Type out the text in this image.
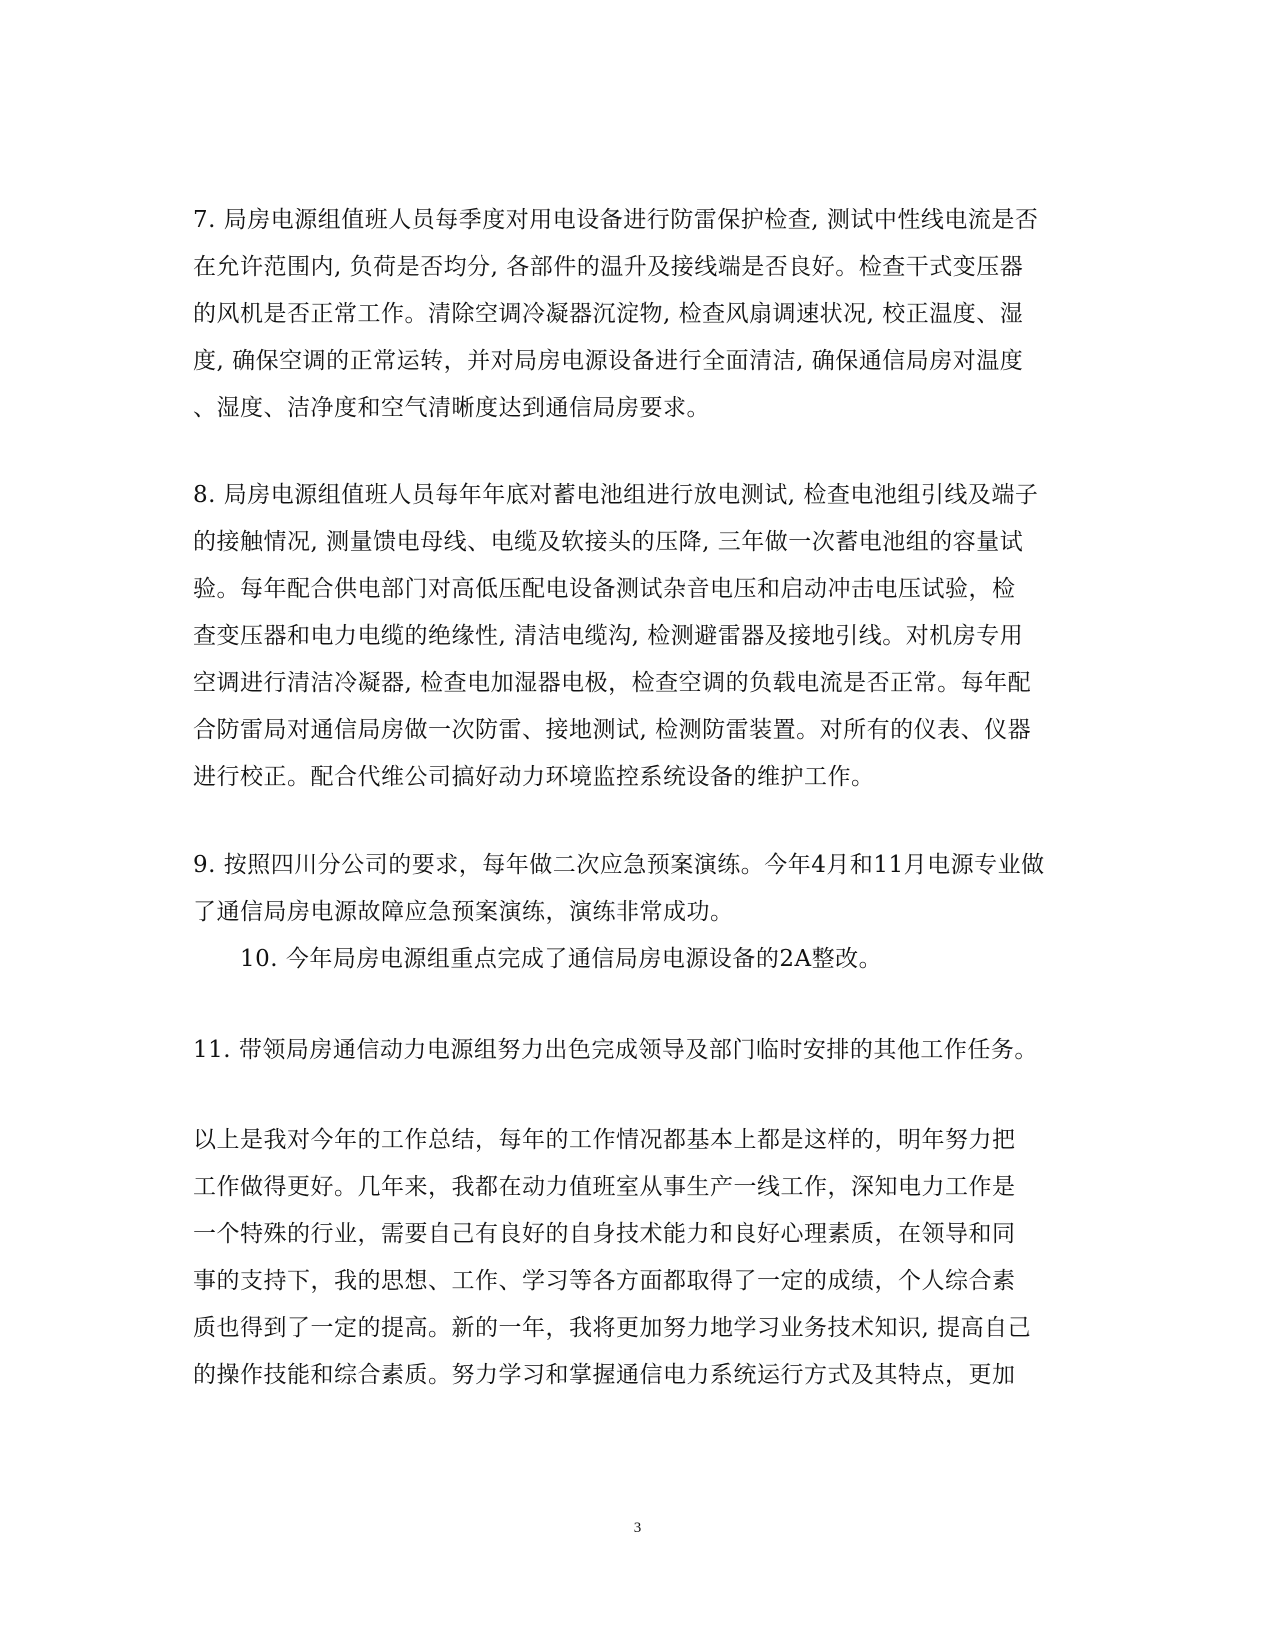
7. 局房电源组值班人员每季度对用电设备进行防雷保护检查, 测试中性线电流是否
在允许范围内, 负荷是否均分, 各部件的温升及接线端是否良好。检查干式变压器
的风机是否正常工作。清除空调冷凝器沉淀物, 检查风扇调速状况, 校正温度、湿
度, 确保空调的正常运转，并对局房电源设备进行全面清洁, 确保通信局房对温度
、湿度、洁净度和空气清晰度达到通信局房要求。
8. 局房电源组值班人员每年年底对蓄电池组进行放电测试, 检查电池组引线及端子
的接触情况, 测量馈电母线、电缆及软接头的压降, 三年做一次蓄电池组的容量试
验。每年配合供电部门对高低压配电设备测试杂音电压和启动冲击电压试验，检
查变压器和电力电缆的绝缘性, 清洁电缆沟, 检测避雷器及接地引线。对机房专用
空调进行清洁冷凝器, 检查电加湿器电极，检查空调的负载电流是否正常。每年配
合防雷局对通信局房做一次防雷、接地测试, 检测防雷装置。对所有的仪表、仪器
进行校正。配合代维公司搞好动力环境监控系统设备的维护工作。
9. 按照四川分公司的要求，每年做二次应急预案演练。今年4月和11月电源专业做
了通信局房电源故障应急预案演练，演练非常成功。
10. 今年局房电源组重点完成了通信局房电源设备的2A整改。
11. 带领局房通信动力电源组努力出色完成领导及部门临时安排的其他工作任务。
以上是我对今年的工作总结，每年的工作情况都基本上都是这样的，明年努力把
工作做得更好。几年来，我都在动力值班室从事生产一线工作，深知电力工作是
一个特殊的行业，需要自己有良好的自身技术能力和良好心理素质，在领导和同
事的支持下，我的思想、工作、学习等各方面都取得了一定的成绩，个人综合素
质也得到了一定的提高。新的一年，我将更加努力地学习业务技术知识, 提高自己
的操作技能和综合素质。努力学习和掌握通信电力系统运行方式及其特点，更加
3
